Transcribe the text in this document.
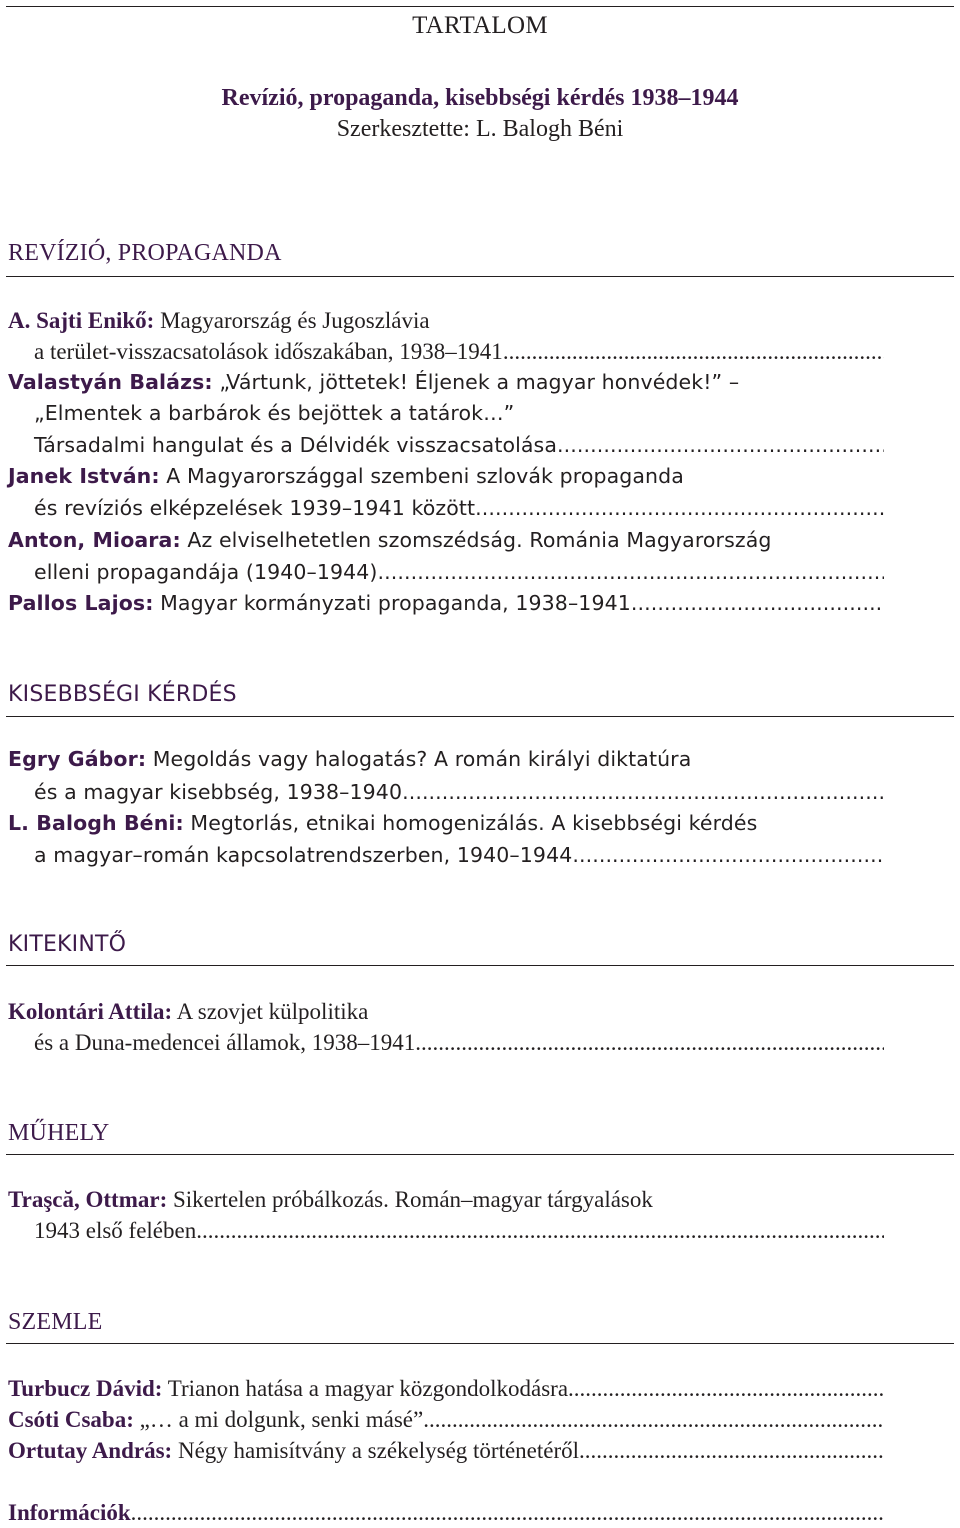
TARTALOM
Revízió, propaganda, kisebbségi kérdés 1938–1944
Szerkesztette: L. Balogh Béni
REVÍZIÓ, PROPAGANDA
A. Sajti Enikő: Magyarország és Jugoszlávia
a terület-visszacsatolások időszakában, 1938–1941
.....
Valastyán Balázs: „Vártunk, jöttetek! Éljenek a magyar honvédek!” –
„Elmentek a barbárok és bejöttek a tatárok…”
Társadalmi hangulat és a Délvidék visszacsatolása
.....
Janek István: A Magyarországgal szembeni szlovák propaganda
és revíziós elképzelések 1939–1941 között
.....
Anton, Mioara: Az elviselhetetlen szomszédság. Románia Magyarország
elleni propagandája (1940–1944)
.....
Pallos Lajos: Magyar kormányzati propaganda, 1938–1941
.....
KISEBBSÉGI KÉRDÉS
Egry Gábor: Megoldás vagy halogatás? A román királyi diktatúra
és a magyar kisebbség, 1938–1940
.....
L. Balogh Béni: Megtorlás, etnikai homogenizálás. A kisebbségi kérdés
a magyar–román kapcsolatrendszerben, 1940–1944
.....
KITEKINTŐ
Kolontári Attila: A szovjet külpolitika
és a Duna-medencei államok, 1938–1941
.....
MŰHELY
Traşcă, Ottmar: Sikertelen próbálkozás. Román–magyar tárgyalások
1943 első felében
.....
SZEMLE
Turbucz Dávid: Trianon hatása a magyar közgondolkodásra
.....
Csóti Csaba: „… a mi dolgunk, senki másé”
.....
Ortutay András: Négy hamisítvány a székelység történetéről
.....
Információk
.....
